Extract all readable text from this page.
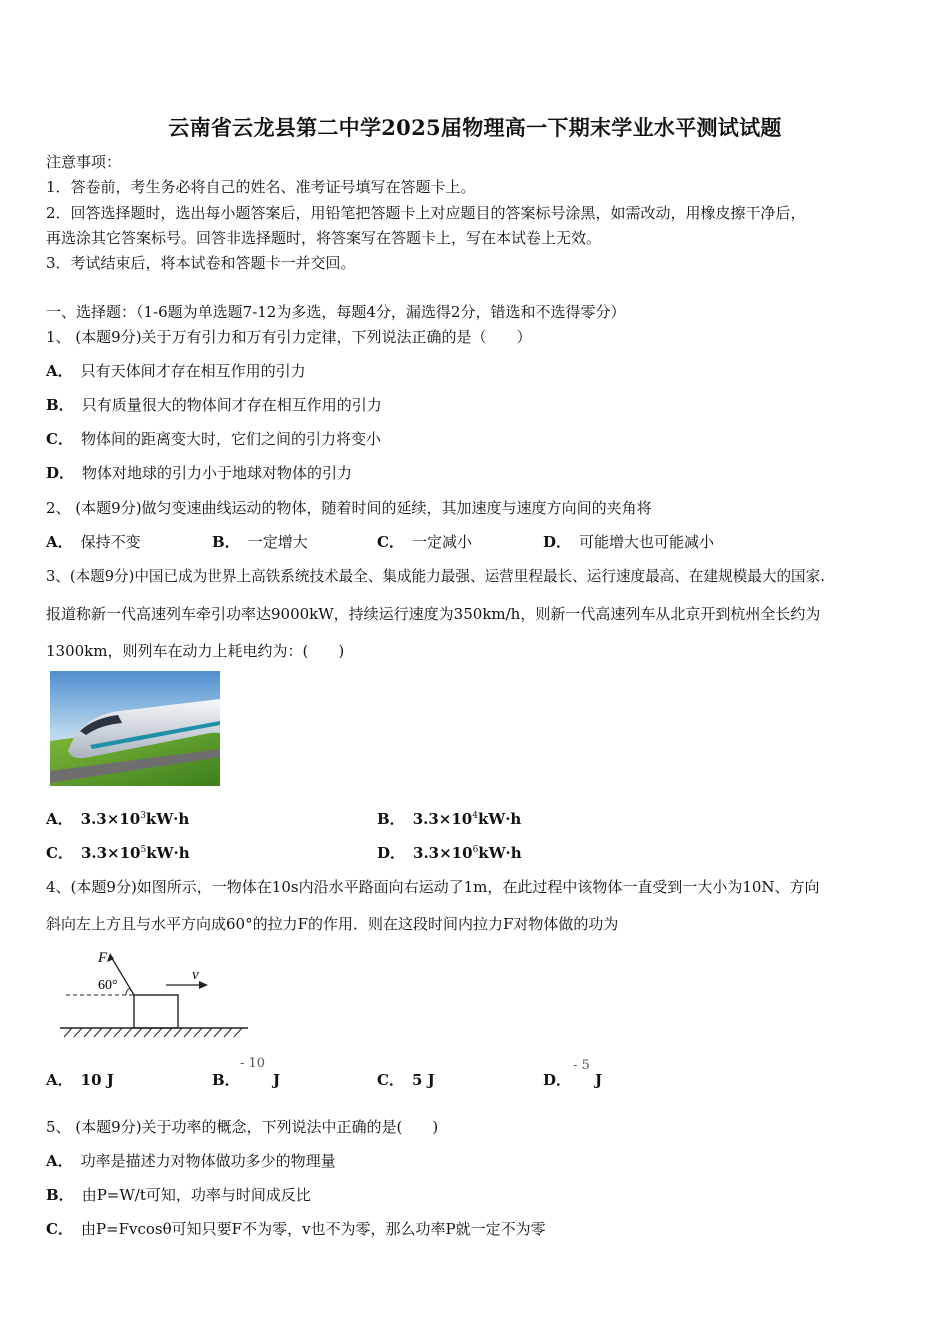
云南省云龙县第二中学2025届物理高一下期末学业水平测试试题
注意事项：
1．答卷前，考生务必将自己的姓名、准考证号填写在答题卡上。
2．回答选择题时，选出每小题答案后，用铅笔把答题卡上对应题目的答案标号涂黑，如需改动，用橡皮擦干净后，
再选涂其它答案标号。回答非选择题时，将答案写在答题卡上，写在本试卷上无效。
3．考试结束后，将本试卷和答题卡一并交回。
一、选择题：（1-6题为单选题7-12为多选，每题4分，漏选得2分，错选和不选得零分）
1、 (本题9分)关于万有引力和万有引力定律，下列说法正确的是（　　）
A． 只有天体间才存在相互作用的引力
B． 只有质量很大的物体间才存在相互作用的引力
C． 物体间的距离变大时，它们之间的引力将变小
D． 物体对地球的引力小于地球对物体的引力
2、 (本题9分)做匀变速曲线运动的物体，随着时间的延续，其加速度与速度方向间的夹角将
A． 保持不变	B． 一定增大	C． 一定减小	D． 可能增大也可能减小
3、(本题9分)中国已成为世界上高铁系统技术最全、集成能力最强、运营里程最长、运行速度最高、在建规模最大的国家.
报道称新一代高速列车牵引功率达9000kW，持续运行速度为350km/h，则新一代高速列车从北京开到杭州全长约为
1300km，则列车在动力上耗电约为：(　　)
A． $3.3\times 10^3kW\cdot h$	B． $3.3\times 10^4kW\cdot h$
C． $3.3\times 10^5kW\cdot h$	D． $3.3\times 10^6kW\cdot h$
4、(本题9分)如图所示，一物体在10s内沿水平路面向右运动了1m，在此过程中该物体一直受到一大小为10N、方向
斜向左上方且与水平方向成60°的拉力F的作用．则在这段时间内拉力F对物体做的功为
F
60°
v
A． 10 J	B．
- 10
J	C． 5 J	D．
- 5
J
5、 (本题9分)关于功率的概念，下列说法中正确的是(　　)
A． 功率是描述力对物体做功多少的物理量
B． 由P=W/t可知，功率与时间成反比
C． 由P=Fvcosθ可知只要F不为零，v也不为零，那么功率P就一定不为零
